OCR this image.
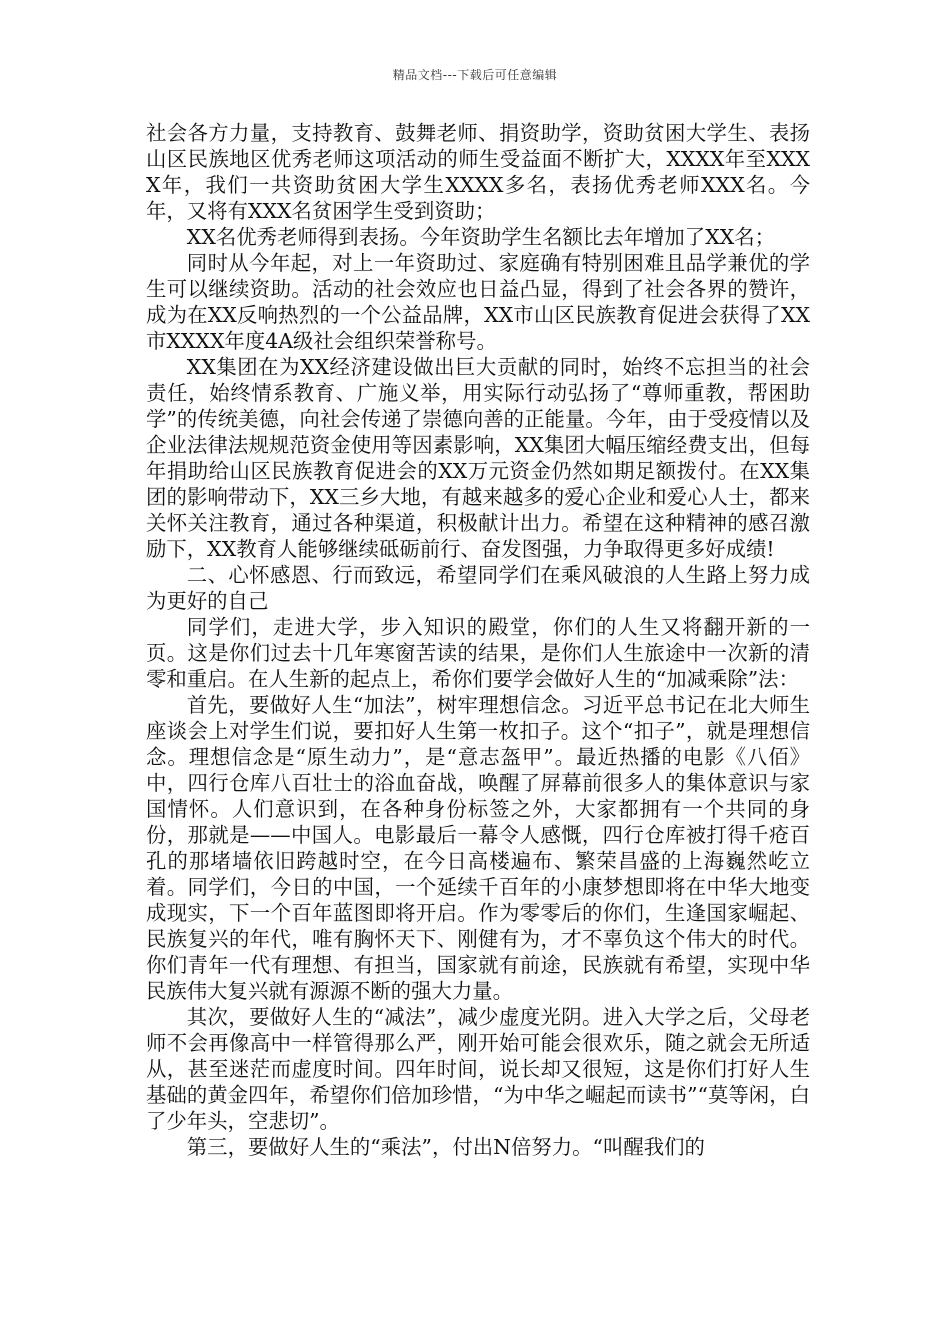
精品文档---下载后可任意编辑

社会各方力量，支持教育、鼓舞老师、捐资助学，资助贫困大学生、表扬山区民族地区优秀老师这项活动的师生受益面不断扩大，XXXX年至XXXX年，我们一共资助贫困大学生XXXX多名，表扬优秀老师XXX名。今年，又将有XXX名贫困学生受到资助；

XX名优秀老师得到表扬。今年资助学生名额比去年增加了XX名；

同时从今年起，对上一年资助过、家庭确有特别困难且品学兼优的学生可以继续资助。活动的社会效应也日益凸显，得到了社会各界的赞许，成为在XX反响热烈的一个公益品牌，XX市山区民族教育促进会获得了XX市XXXX年度4A级社会组织荣誉称号。

XX集团在为XX经济建设做出巨大贡献的同时，始终不忘担当的社会责任，始终情系教育、广施义举，用实际行动弘扬了“尊师重教，帮困助学”的传统美德，向社会传递了崇德向善的正能量。今年，由于受疫情以及企业法律法规规范资金使用等因素影响，XX集团大幅压缩经费支出，但每年捐助给山区民族教育促进会的XX万元资金仍然如期足额拨付。在XX集团的影响带动下，XX三乡大地，有越来越多的爱心企业和爱心人士，都来关怀关注教育，通过各种渠道，积极献计出力。希望在这种精神的感召激励下，XX教育人能够继续砥砺前行、奋发图强，力争取得更多好成绩!

二、心怀感恩、行而致远，希望同学们在乘风破浪的人生路上努力成为更好的自己

同学们，走进大学，步入知识的殿堂，你们的人生又将翻开新的一页。这是你们过去十几年寒窗苦读的结果，是你们人生旅途中一次新的清零和重启。在人生新的起点上，希你们要学会做好人生的“加减乘除”法：

首先，要做好人生“加法”，树牢理想信念。习近平总书记在北大师生座谈会上对学生们说，要扣好人生第一枚扣子。这个“扣子”，就是理想信念。理想信念是“原生动力”，是“意志盔甲”。最近热播的电影《八佰》中，四行仓库八百壮士的浴血奋战，唤醒了屏幕前很多人的集体意识与家国情怀。人们意识到，在各种身份标签之外，大家都拥有一个共同的身份，那就是——中国人。电影最后一幕令人感慨，四行仓库被打得千疮百孔的那堵墙依旧跨越时空，在今日高楼遍布、繁荣昌盛的上海巍然屹立着。同学们，今日的中国，一个延续千百年的小康梦想即将在中华大地变成现实，下一个百年蓝图即将开启。作为零零后的你们，生逢国家崛起、民族复兴的年代，唯有胸怀天下、刚健有为，才不辜负这个伟大的时代。你们青年一代有理想、有担当，国家就有前途，民族就有希望，实现中华民族伟大复兴就有源源不断的强大力量。

其次，要做好人生的“减法”，减少虚度光阴。进入大学之后，父母老师不会再像高中一样管得那么严，刚开始可能会很欢乐，随之就会无所适从，甚至迷茫而虚度时间。四年时间，说长却又很短，这是你们打好人生基础的黄金四年，希望你们倍加珍惜，“为中华之崛起而读书”“莫等闲，白了少年头，空悲切”。

第三，要做好人生的“乘法”，付出N倍努力。“叫醒我们的
